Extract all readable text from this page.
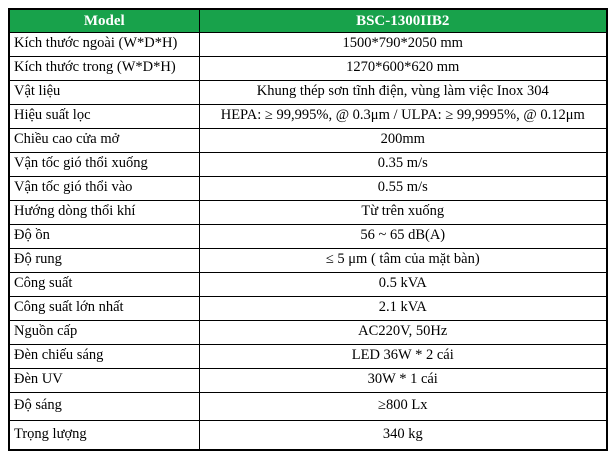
Model	BSC-1300IIB2
Kích thước ngoài (W*D*H)	1500*790*2050 mm
Kích thước trong (W*D*H)	1270*600*620 mm
Vật liệu	Khung thép sơn tĩnh điện, vùng làm việc Inox 304
Hiệu suất lọc	HEPA: ≥ 99,995%, @ 0.3μm / ULPA: ≥ 99,9995%, @ 0.12μm
Chiều cao cửa mở	200mm
Vận tốc gió thổi xuống	0.35 m/s
Vận tốc gió thổi vào	0.55 m/s
Hướng dòng thổi khí	Từ trên xuống
Độ ồn	56 ~ 65 dB(A)
Độ rung	≤ 5 μm ( tâm của mặt bàn)
Công suất	0.5 kVA
Công suất lớn nhất	2.1 kVA
Nguồn cấp	AC220V, 50Hz
Đèn chiếu sáng	LED 36W * 2 cái
Đèn UV	30W * 1 cái
Độ sáng	≥800 Lx
Trọng lượng	340 kg
